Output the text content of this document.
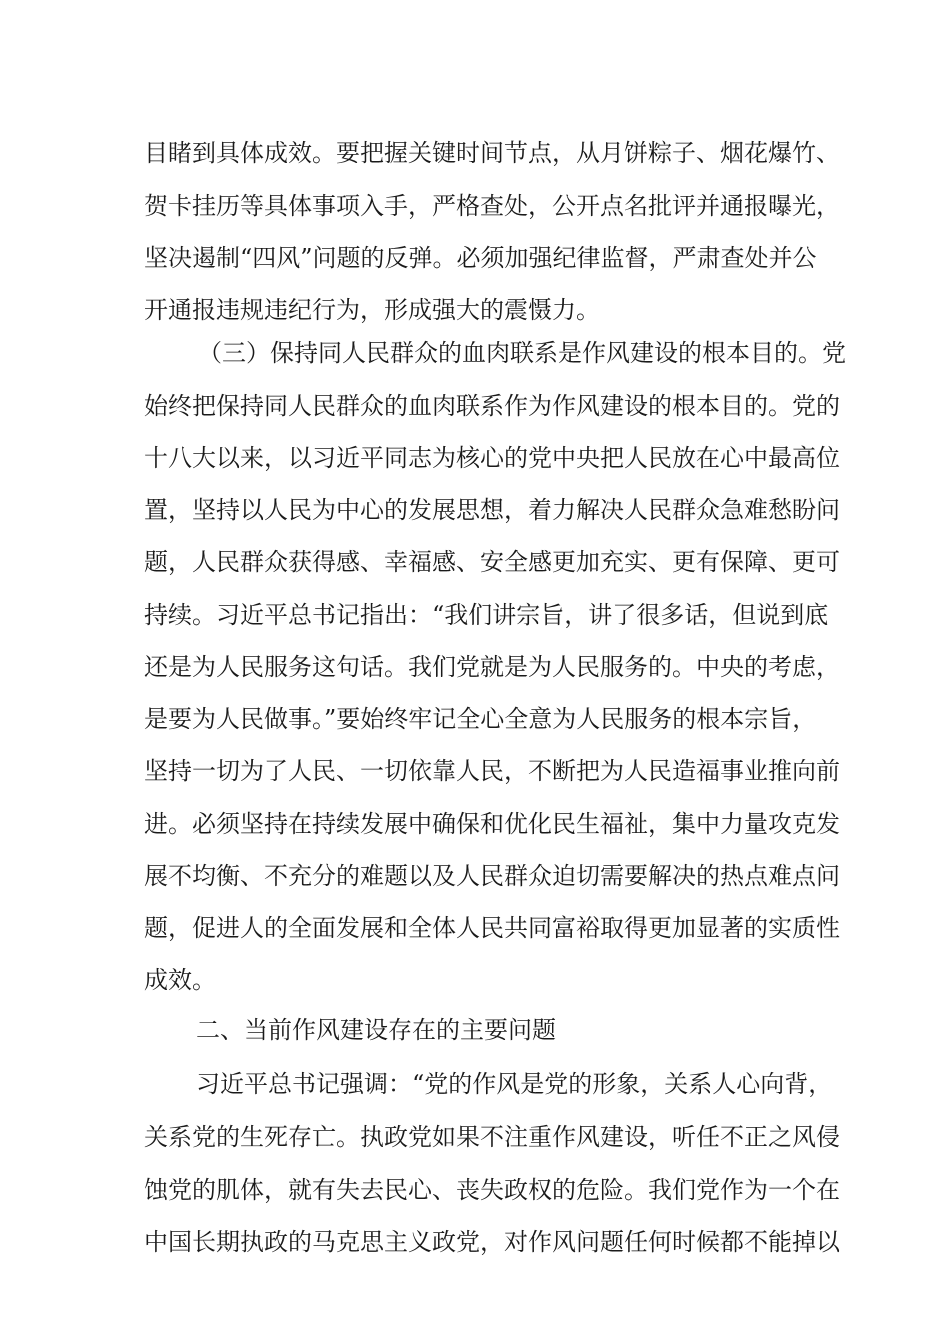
目睹到具体成效。要把握关键时间节点，从月饼粽子、烟花爆竹、

贺卡挂历等具体事项入手，严格查处，公开点名批评并通报曝光，

坚决遏制“四风”问题的反弹。必须加强纪律监督，严肃查处并公

开通报违规违纪行为，形成强大的震慑力。

（三）保持同人民群众的血肉联系是作风建设的根本目的。党

始终把保持同人民群众的血肉联系作为作风建设的根本目的。党的

十八大以来，以习近平同志为核心的党中央把人民放在心中最高位

置，坚持以人民为中心的发展思想，着力解决人民群众急难愁盼问

题，人民群众获得感、幸福感、安全感更加充实、更有保障、更可

持续。习近平总书记指出：“我们讲宗旨，讲了很多话，但说到底

还是为人民服务这句话。我们党就是为人民服务的。中央的考虑，

是要为人民做事。”要始终牢记全心全意为人民服务的根本宗旨，

坚持一切为了人民、一切依靠人民，不断把为人民造福事业推向前

进。必须坚持在持续发展中确保和优化民生福祉，集中力量攻克发

展不均衡、不充分的难题以及人民群众迫切需要解决的热点难点问

题，促进人的全面发展和全体人民共同富裕取得更加显著的实质性

成效。

二、当前作风建设存在的主要问题

习近平总书记强调：“党的作风是党的形象，关系人心向背，

关系党的生死存亡。执政党如果不注重作风建设，听任不正之风侵

蚀党的肌体，就有失去民心、丧失政权的危险。我们党作为一个在

中国长期执政的马克思主义政党，对作风问题任何时候都不能掉以
